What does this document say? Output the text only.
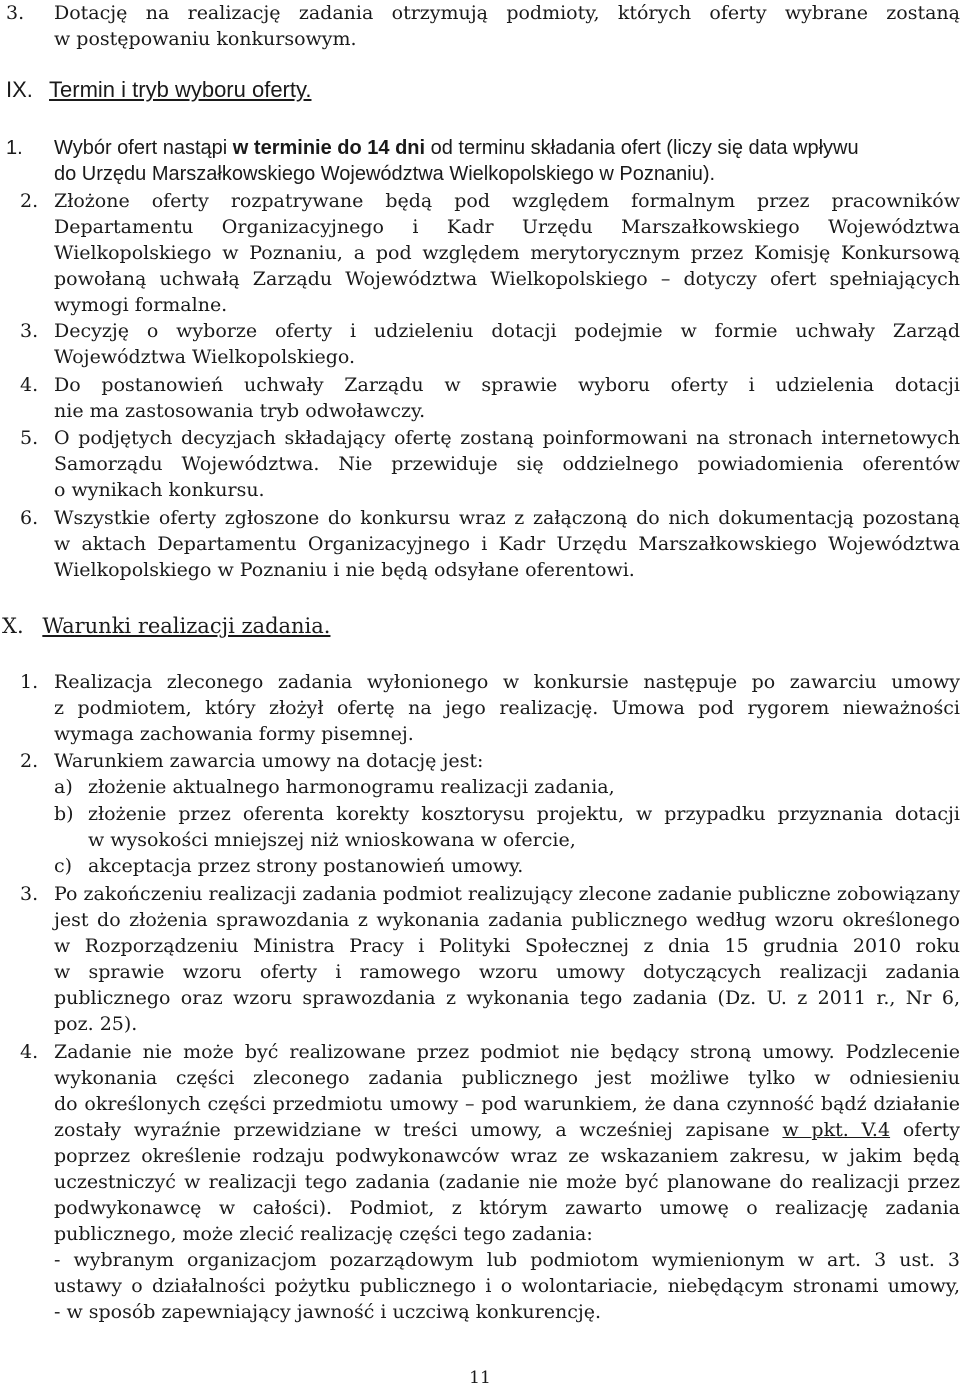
3. Dotację na realizację zadania otrzymują podmioty, których oferty wybrane zostaną
w postępowaniu konkursowym.
IX. Termin i tryb wyboru oferty.
1. Wybór ofert nastąpi w terminie do 14 dni od terminu składania ofert (liczy się data wpływu
do Urzędu Marszałkowskiego Województwa Wielkopolskiego w Poznaniu).
2. Złożone oferty rozpatrywane będą pod względem formalnym przez pracowników
Departamentu Organizacyjnego i Kadr Urzędu Marszałkowskiego Województwa
Wielkopolskiego w Poznaniu, a pod względem merytorycznym przez Komisję Konkursową
powołaną uchwałą Zarządu Województwa Wielkopolskiego – dotyczy ofert spełniających
wymogi formalne.
3. Decyzję o wyborze oferty i udzieleniu dotacji podejmie w formie uchwały Zarząd
Województwa Wielkopolskiego.
4. Do postanowień uchwały Zarządu w sprawie wyboru oferty i udzielenia dotacji
nie ma zastosowania tryb odwoławczy.
5. O podjętych decyzjach składający ofertę zostaną poinformowani na stronach internetowych
Samorządu Województwa. Nie przewiduje się oddzielnego powiadomienia oferentów
o wynikach konkursu.
6. Wszystkie oferty zgłoszone do konkursu wraz z załączoną do nich dokumentacją pozostaną
w aktach Departamentu Organizacyjnego i Kadr Urzędu Marszałkowskiego Województwa
Wielkopolskiego w Poznaniu i nie będą odsyłane oferentowi.
X. Warunki realizacji zadania.
1. Realizacja zleconego zadania wyłonionego w konkursie następuje po zawarciu umowy
z podmiotem, który złożył ofertę na jego realizację. Umowa pod rygorem nieważności
wymaga zachowania formy pisemnej.
2. Warunkiem zawarcia umowy na dotację jest:
a) złożenie aktualnego harmonogramu realizacji zadania,
b) złożenie przez oferenta korekty kosztorysu projektu, w przypadku przyznania dotacji
w wysokości mniejszej niż wnioskowana w ofercie,
c) akceptacja przez strony postanowień umowy.
3. Po zakończeniu realizacji zadania podmiot realizujący zlecone zadanie publiczne zobowiązany
jest do złożenia sprawozdania z wykonania zadania publicznego według wzoru określonego
w Rozporządzeniu Ministra Pracy i Polityki Społecznej z dnia 15 grudnia 2010 roku
w sprawie wzoru oferty i ramowego wzoru umowy dotyczących realizacji zadania
publicznego oraz wzoru sprawozdania z wykonania tego zadania (Dz. U. z 2011 r., Nr 6,
poz. 25).
4. Zadanie nie może być realizowane przez podmiot nie będący stroną umowy. Podzlecenie
wykonania części zleconego zadania publicznego jest możliwe tylko w odniesieniu
do określonych części przedmiotu umowy – pod warunkiem, że dana czynność bądź działanie
zostały wyraźnie przewidziane w treści umowy, a wcześniej zapisane w pkt. V.4 oferty
poprzez określenie rodzaju podwykonawców wraz ze wskazaniem zakresu, w jakim będą
uczestniczyć w realizacji tego zadania (zadanie nie może być planowane do realizacji przez
podwykonawcę w całości). Podmiot, z którym zawarto umowę o realizację zadania
publicznego, może zlecić realizację części tego zadania:
- wybranym organizacjom pozarządowym lub podmiotom wymienionym w art. 3 ust. 3
ustawy o działalności pożytku publicznego i o wolontariacie, niebędącym stronami umowy,
- w sposób zapewniający jawność i uczciwą konkurencję.
11
